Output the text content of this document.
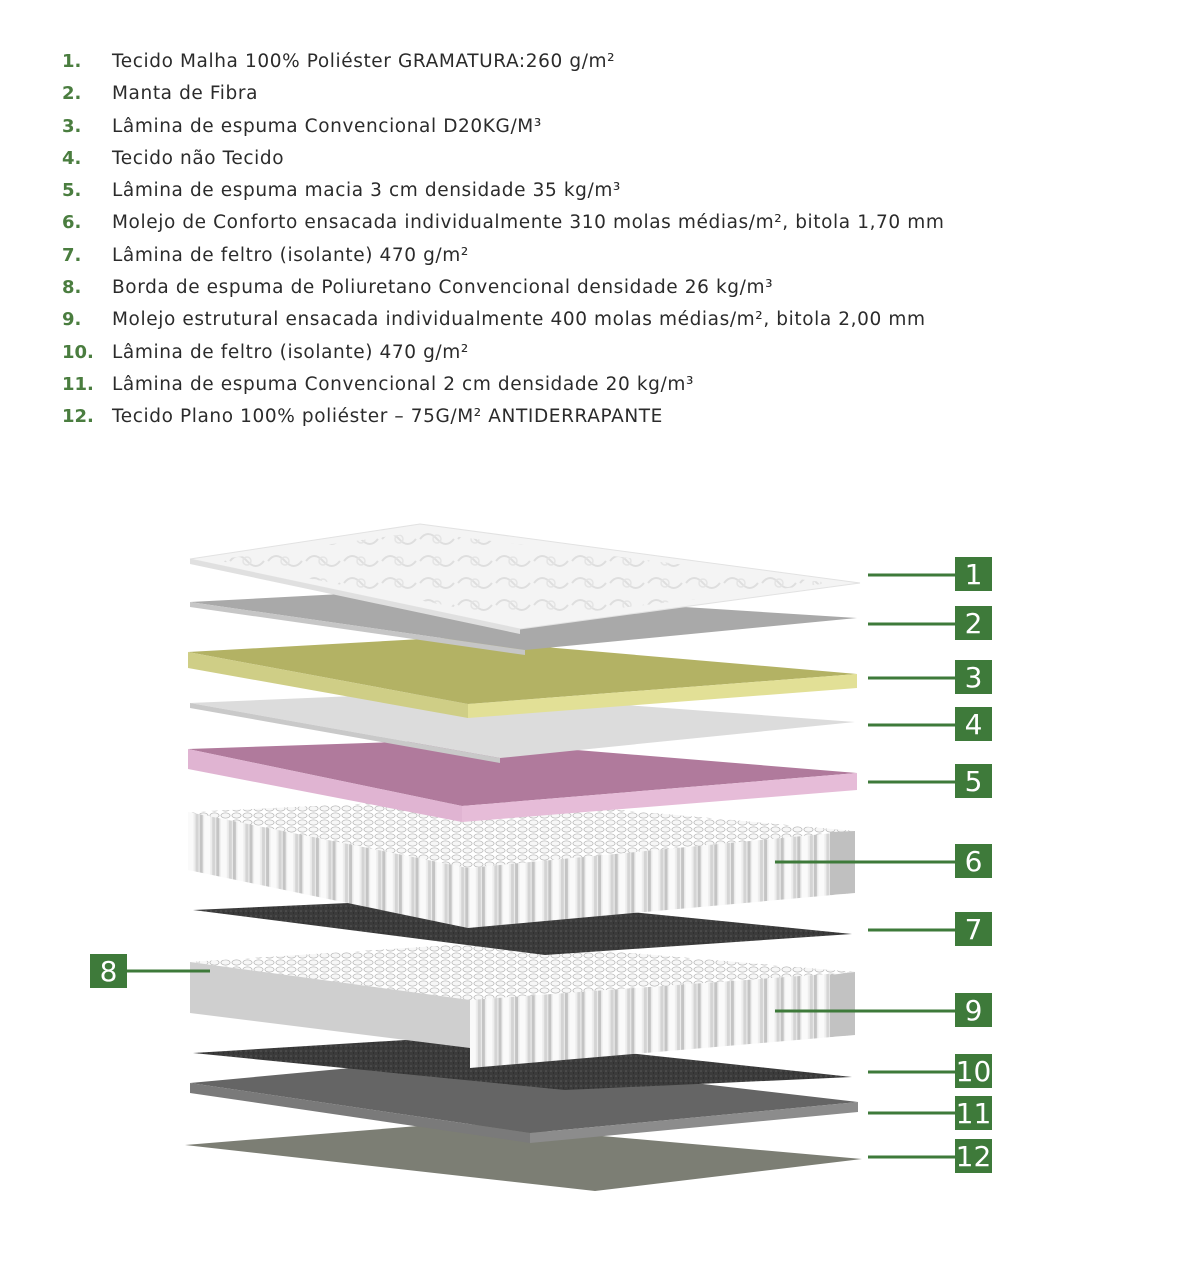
1. Tecido Malha 100% Poliéster GRAMATURA:260 g/m²
2. Manta de Fibra
3. Lâmina de espuma Convencional D20KG/M³
4. Tecido não Tecido
5. Lâmina de espuma macia 3 cm densidade 35 kg/m³
6. Molejo de Conforto ensacada individualmente 310 molas médias/m², bitola 1,70 mm
7. Lâmina de feltro (isolante) 470 g/m²
8. Borda de espuma de Poliuretano Convencional densidade 26 kg/m³
9. Molejo estrutural ensacada individualmente 400 molas médias/m², bitola 2,00 mm
10. Lâmina de feltro (isolante) 470 g/m²
11. Lâmina de espuma Convencional 2 cm densidade 20 kg/m³
12. Tecido Plano 100% poliéster – 75G/M² ANTIDERRAPANTE
1
2
3
4
5
6
7
8
9
10
11
12
